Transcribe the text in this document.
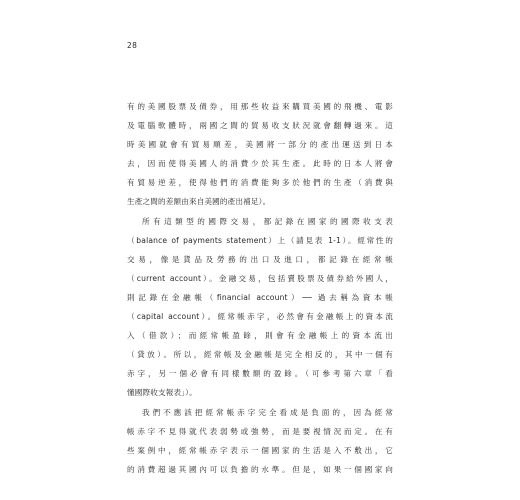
28
有的美國股票及債券，用那些收益來購買美國的飛機、電影
及電腦軟體時，兩國之間的貿易收支狀況就會翻轉過來。這
時美國就會有貿易順差，美國將一部分的產出運送到日本
去，因而使得美國人的消費少於其生產。此時的日本人將會
有貿易逆差，使得他們的消費能夠多於他們的生產（消費與
生產之間的差額由來自美國的產出補足）。
所有這類型的國際交易，都記錄在國家的國際收支表
（balance of payments statement）上（請見表 1-1）。經常性的
交易，像是貨品及勞務的出口及進口，都記錄在經常帳
（current account）。金融交易，包括賣股票及債券給外國人，
則記錄在金融帳（financial account）── 過去稱為資本帳
（capital account）。經常帳赤字，必然會有金融帳上的資本流
入（借款）；而經常帳盈餘，則會有金融帳上的資本流出
（貸放）。所以，經常帳及金融帳是完全相反的，其中一個有
赤字，另一個必會有同樣數額的盈餘。（可參考第六章「看
懂國際收支報表」）。
我們不應該把經常帳赤字完全看成是負面的，因為經常
帳赤字不見得就代表弱勢或強勢，而是要視情況而定。在有
些案例中，經常帳赤字表示一個國家的生活是入不敷出，它
的消費超過其國內可以負擔的水準。但是，如果一個國家向
